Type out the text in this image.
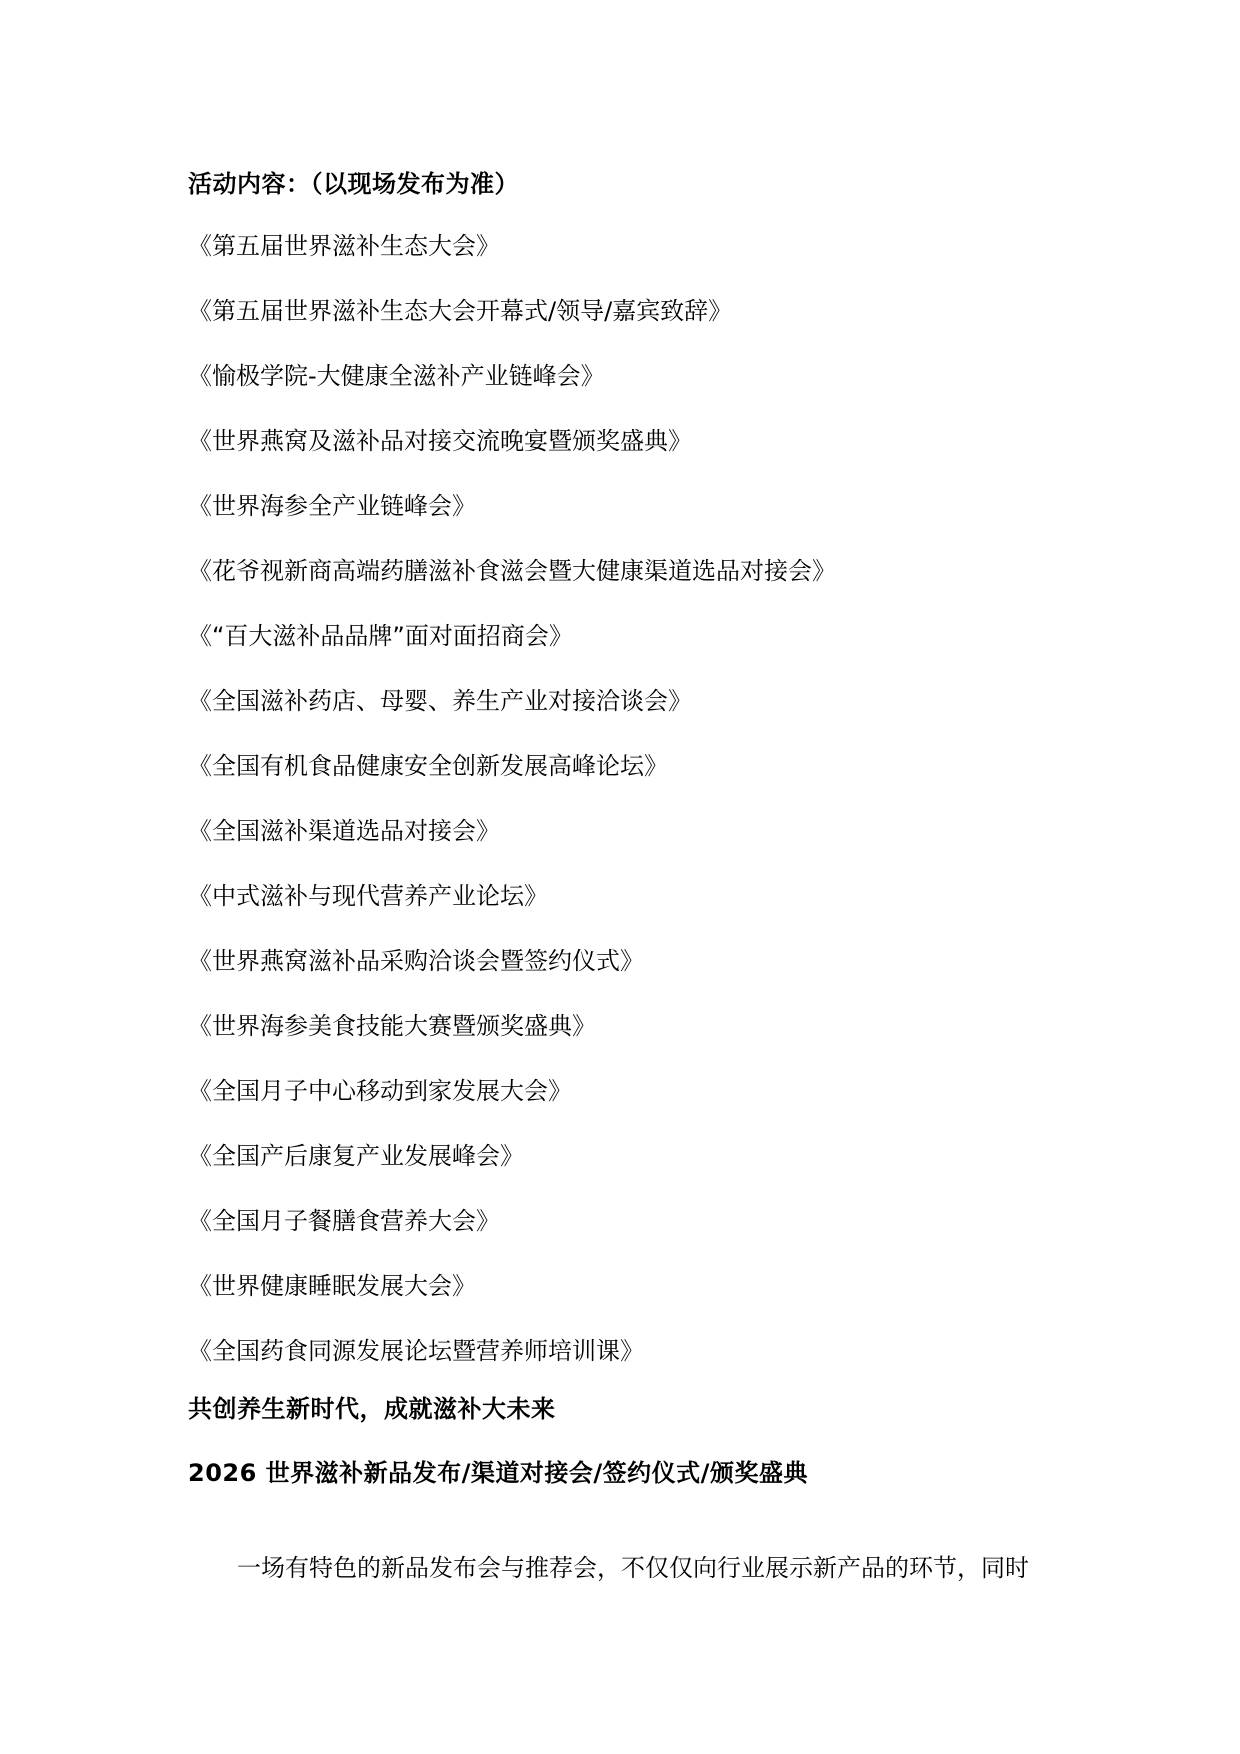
活动内容：（以现场发布为准）
《第五届世界滋补生态大会》
《第五届世界滋补生态大会开幕式/领导/嘉宾致辞》
《愉极学院-大健康全滋补产业链峰会》
《世界燕窝及滋补品对接交流晚宴暨颁奖盛典》
《世界海参全产业链峰会》
《花爷视新商高端药膳滋补食滋会暨大健康渠道选品对接会》
《“百大滋补品品牌”面对面招商会》
《全国滋补药店、母婴、养生产业对接洽谈会》
《全国有机食品健康安全创新发展高峰论坛》
《全国滋补渠道选品对接会》
《中式滋补与现代营养产业论坛》
《世界燕窝滋补品采购洽谈会暨签约仪式》
《世界海参美食技能大赛暨颁奖盛典》
《全国月子中心移动到家发展大会》
《全国产后康复产业发展峰会》
《全国月子餐膳食营养大会》
《世界健康睡眠发展大会》
《全国药食同源发展论坛暨营养师培训课》
共创养生新时代，成就滋补大未来
2026 世界滋补新品发布/渠道对接会/签约仪式/颁奖盛典

一场有特色的新品发布会与推荐会，不仅仅向行业展示新产品的环节，同时
